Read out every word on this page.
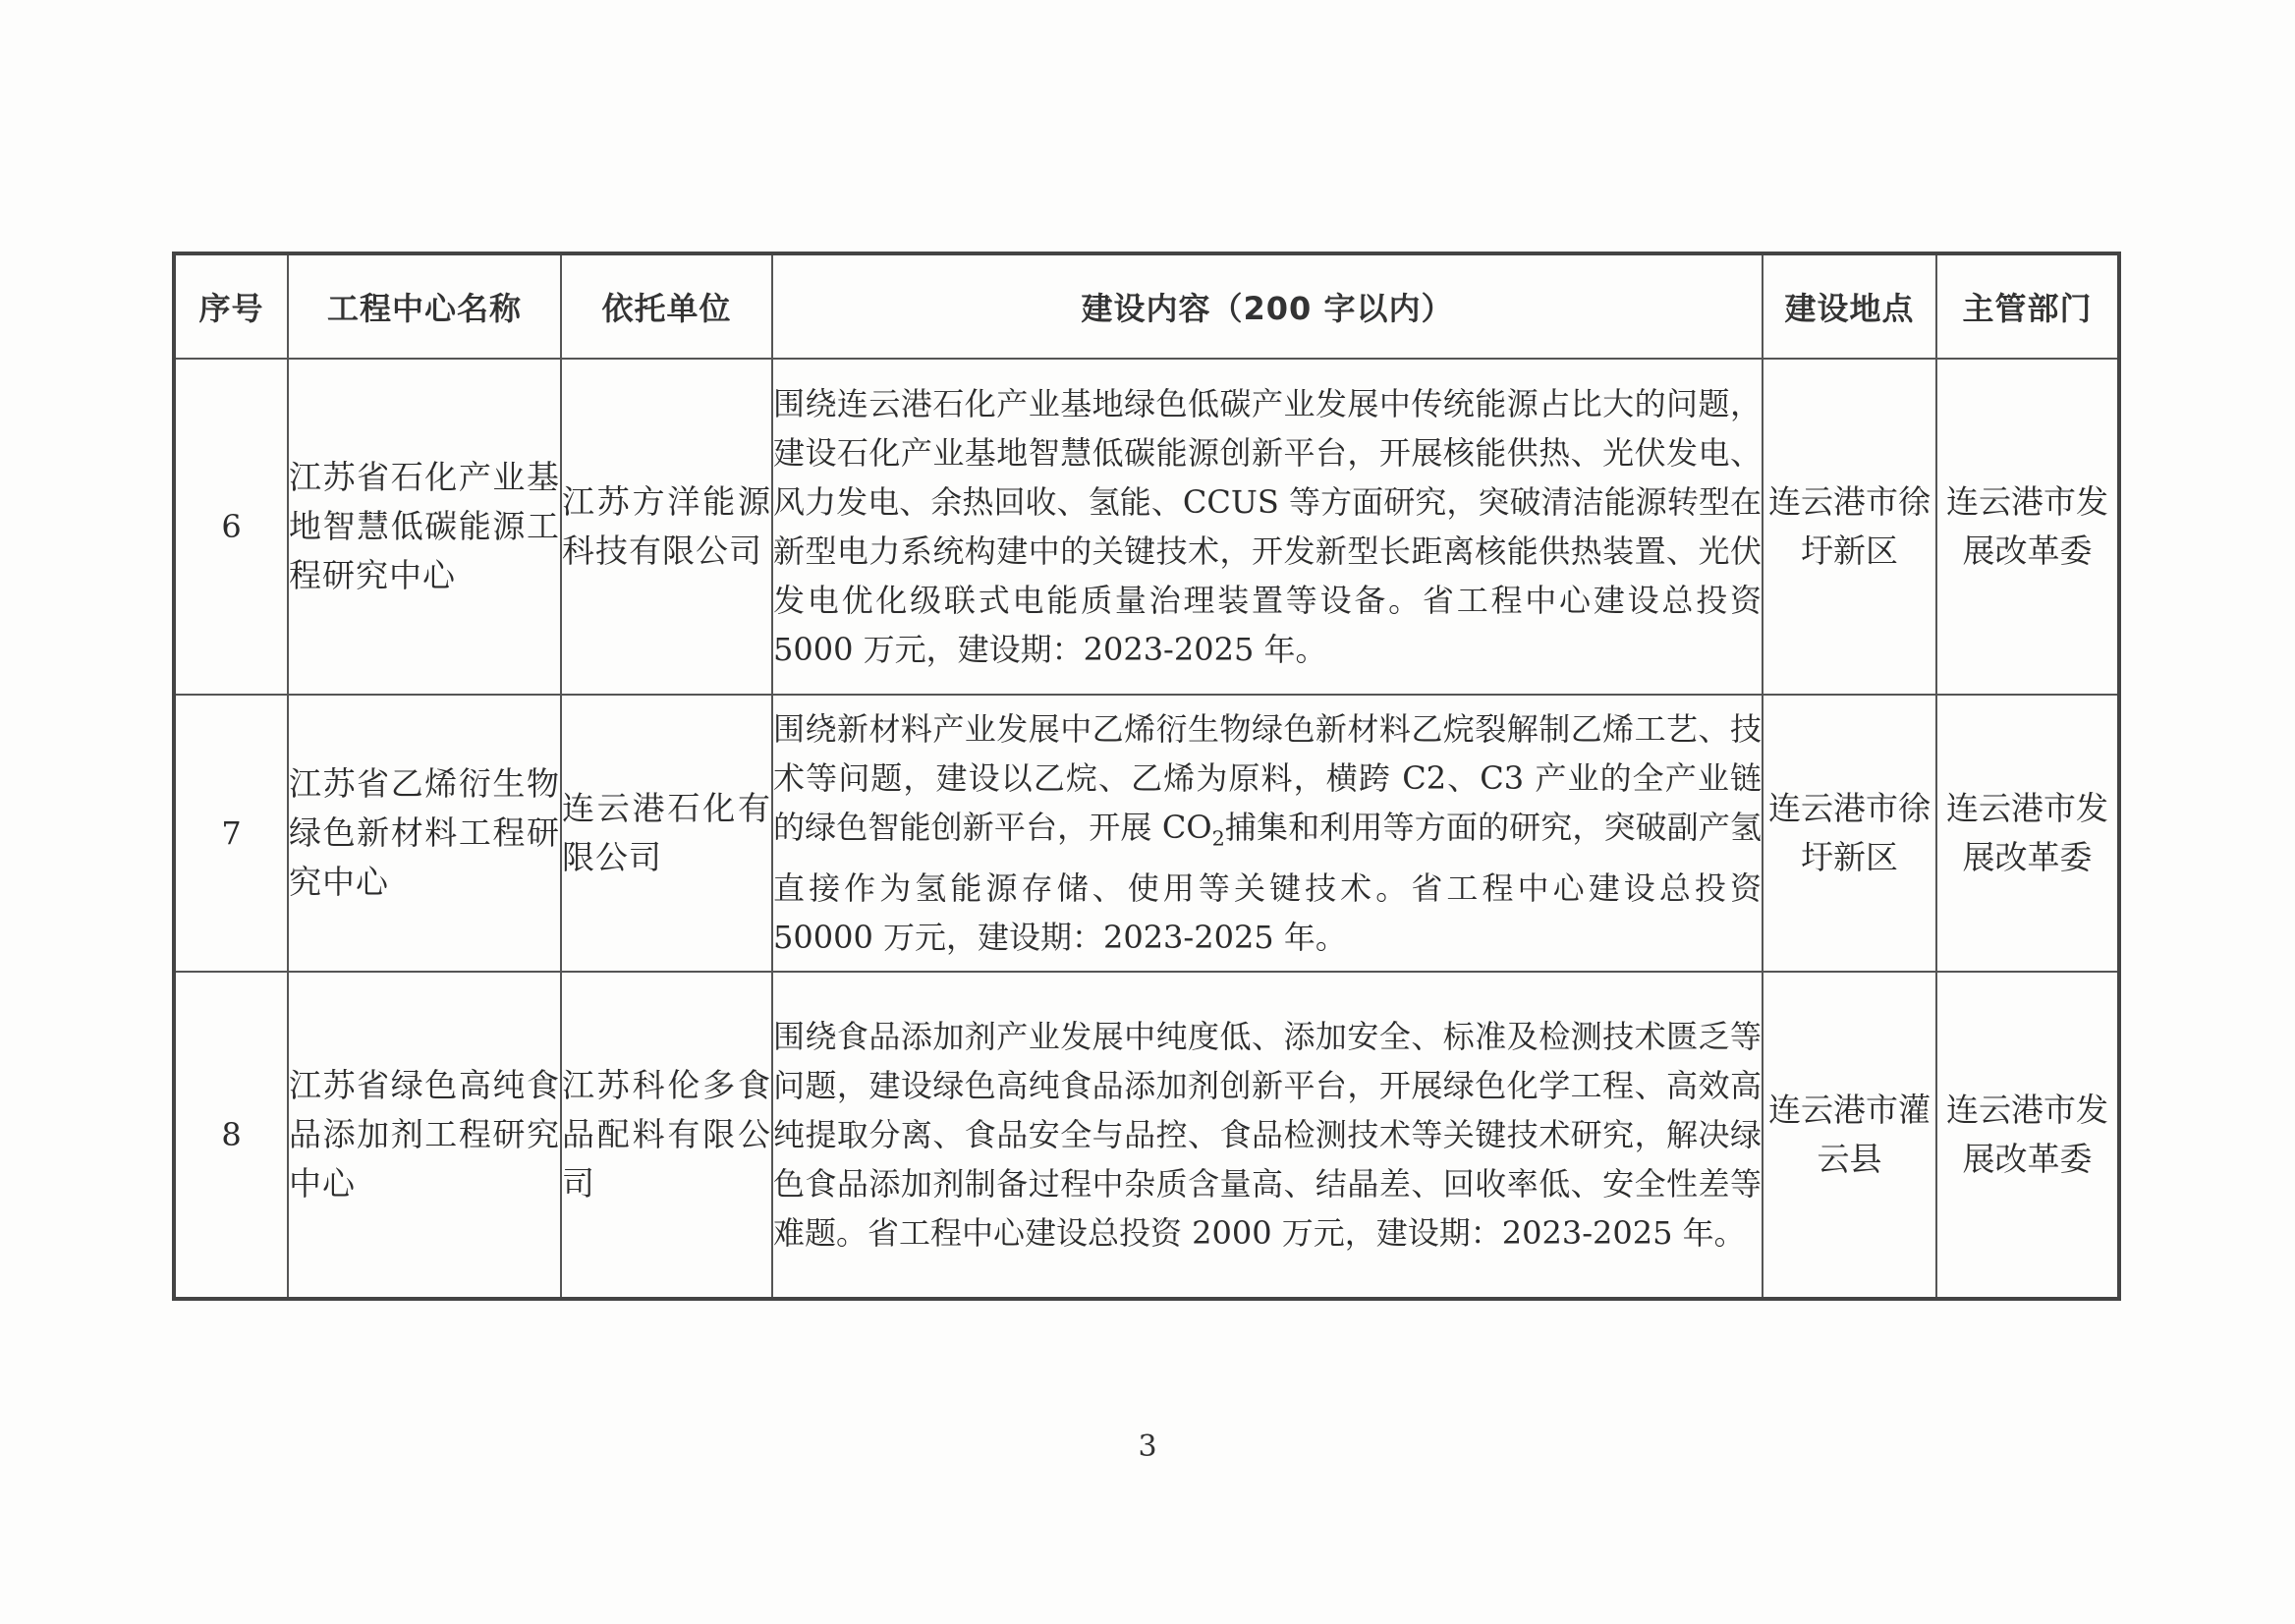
序号	工程中心名称	依托单位	建设内容（200 字以内）	建设地点	主管部门
6	江苏省石化产业基地智慧低碳能源工程研究中心	江苏方洋能源科技有限公司	围绕连云港石化产业基地绿色低碳产业发展中传统能源占比大的问题，建设石化产业基地智慧低碳能源创新平台，开展核能供热、光伏发电、风力发电、余热回收、氢能、CCUS 等方面研究，突破清洁能源转型在新型电力系统构建中的关键技术，开发新型长距离核能供热装置、光伏发电优化级联式电能质量治理装置等设备。省工程中心建设总投资 5000 万元，建设期：2023-2025 年。	连云港市徐圩新区	连云港市发展改革委
7	江苏省乙烯衍生物绿色新材料工程研究中心	连云港石化有限公司	围绕新材料产业发展中乙烯衍生物绿色新材料乙烷裂解制乙烯工艺、技术等问题，建设以乙烷、乙烯为原料，横跨 C2、C3 产业的全产业链的绿色智能创新平台，开展 $CO_2$捕集和利用等方面的研究，突破副产氢直接作为氢能源存储、使用等关键技术。省工程中心建设总投资 50000 万元，建设期：2023-2025 年。	连云港市徐圩新区	连云港市发展改革委
8	江苏省绿色高纯食品添加剂工程研究中心	江苏科伦多食品配料有限公司	围绕食品添加剂产业发展中纯度低、添加安全、标准及检测技术匮乏等问题，建设绿色高纯食品添加剂创新平台，开展绿色化学工程、高效高纯提取分离、食品安全与品控、食品检测技术等关键技术研究，解决绿色食品添加剂制备过程中杂质含量高、结晶差、回收率低、安全性差等难题。省工程中心建设总投资 2000 万元，建设期：2023-2025 年。	连云港市灌云县	连云港市发展改革委
3
